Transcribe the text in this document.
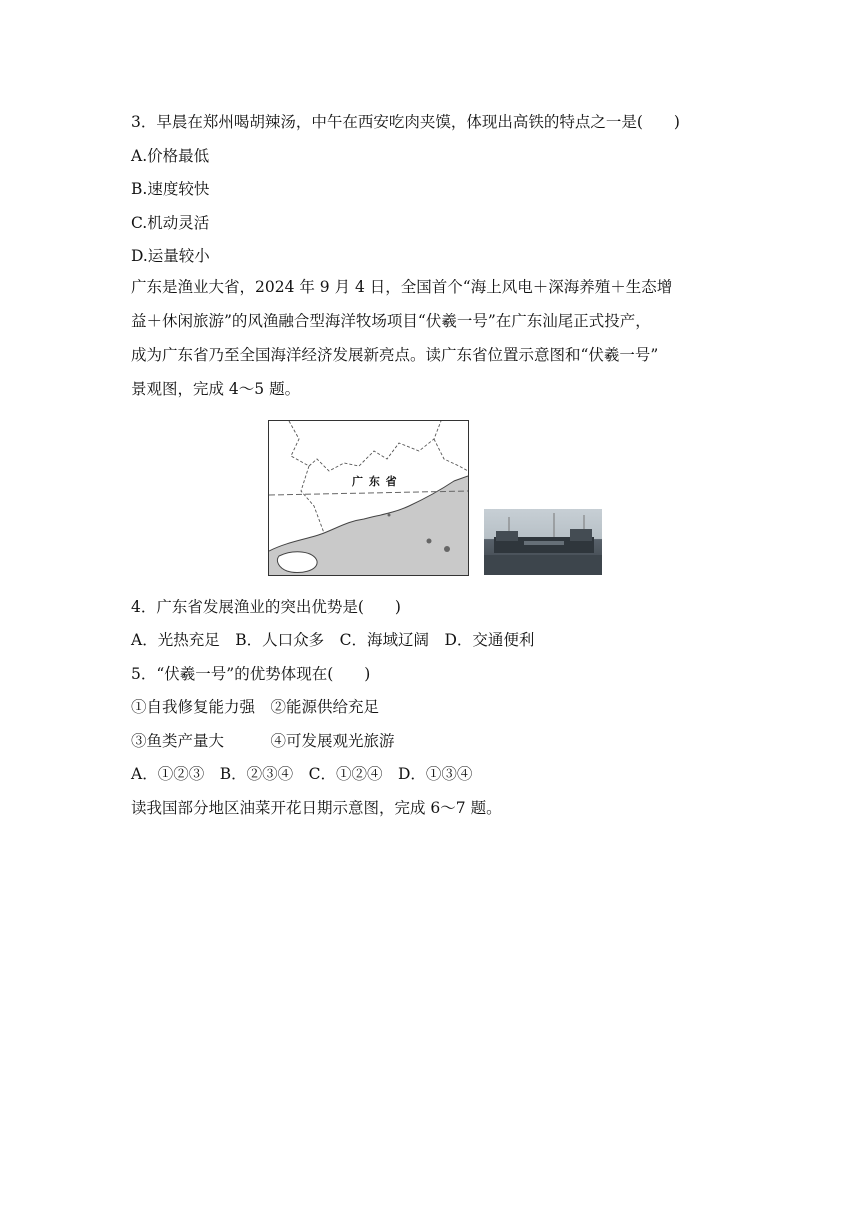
3．早晨在郑州喝胡辣汤，中午在西安吃肉夹馍，体现出高铁的特点之一是(　　)
A.价格最低
B.速度较快
C.机动灵活
D.运量较小
广东是渔业大省，2024 年 9 月 4 日，全国首个“海上风电＋深海养殖＋生态增
益＋休闲旅游”的风渔融合型海洋牧场项目“伏羲一号”在广东汕尾正式投产，
成为广东省乃至全国海洋经济发展新亮点。读广东省位置示意图和“伏羲一号”
景观图，完成 4～5 题。
广 东 省
4．广东省发展渔业的突出优势是(　　)
A．光热充足　B．人口众多　C．海域辽阔　D．交通便利
5．“伏羲一号”的优势体现在(　　)
①自我修复能力强　②能源供给充足
③鱼类产量大　　　④可发展观光旅游
A．①②③　B．②③④　C．①②④　D．①③④
读我国部分地区油菜开花日期示意图，完成 6～7 题。
